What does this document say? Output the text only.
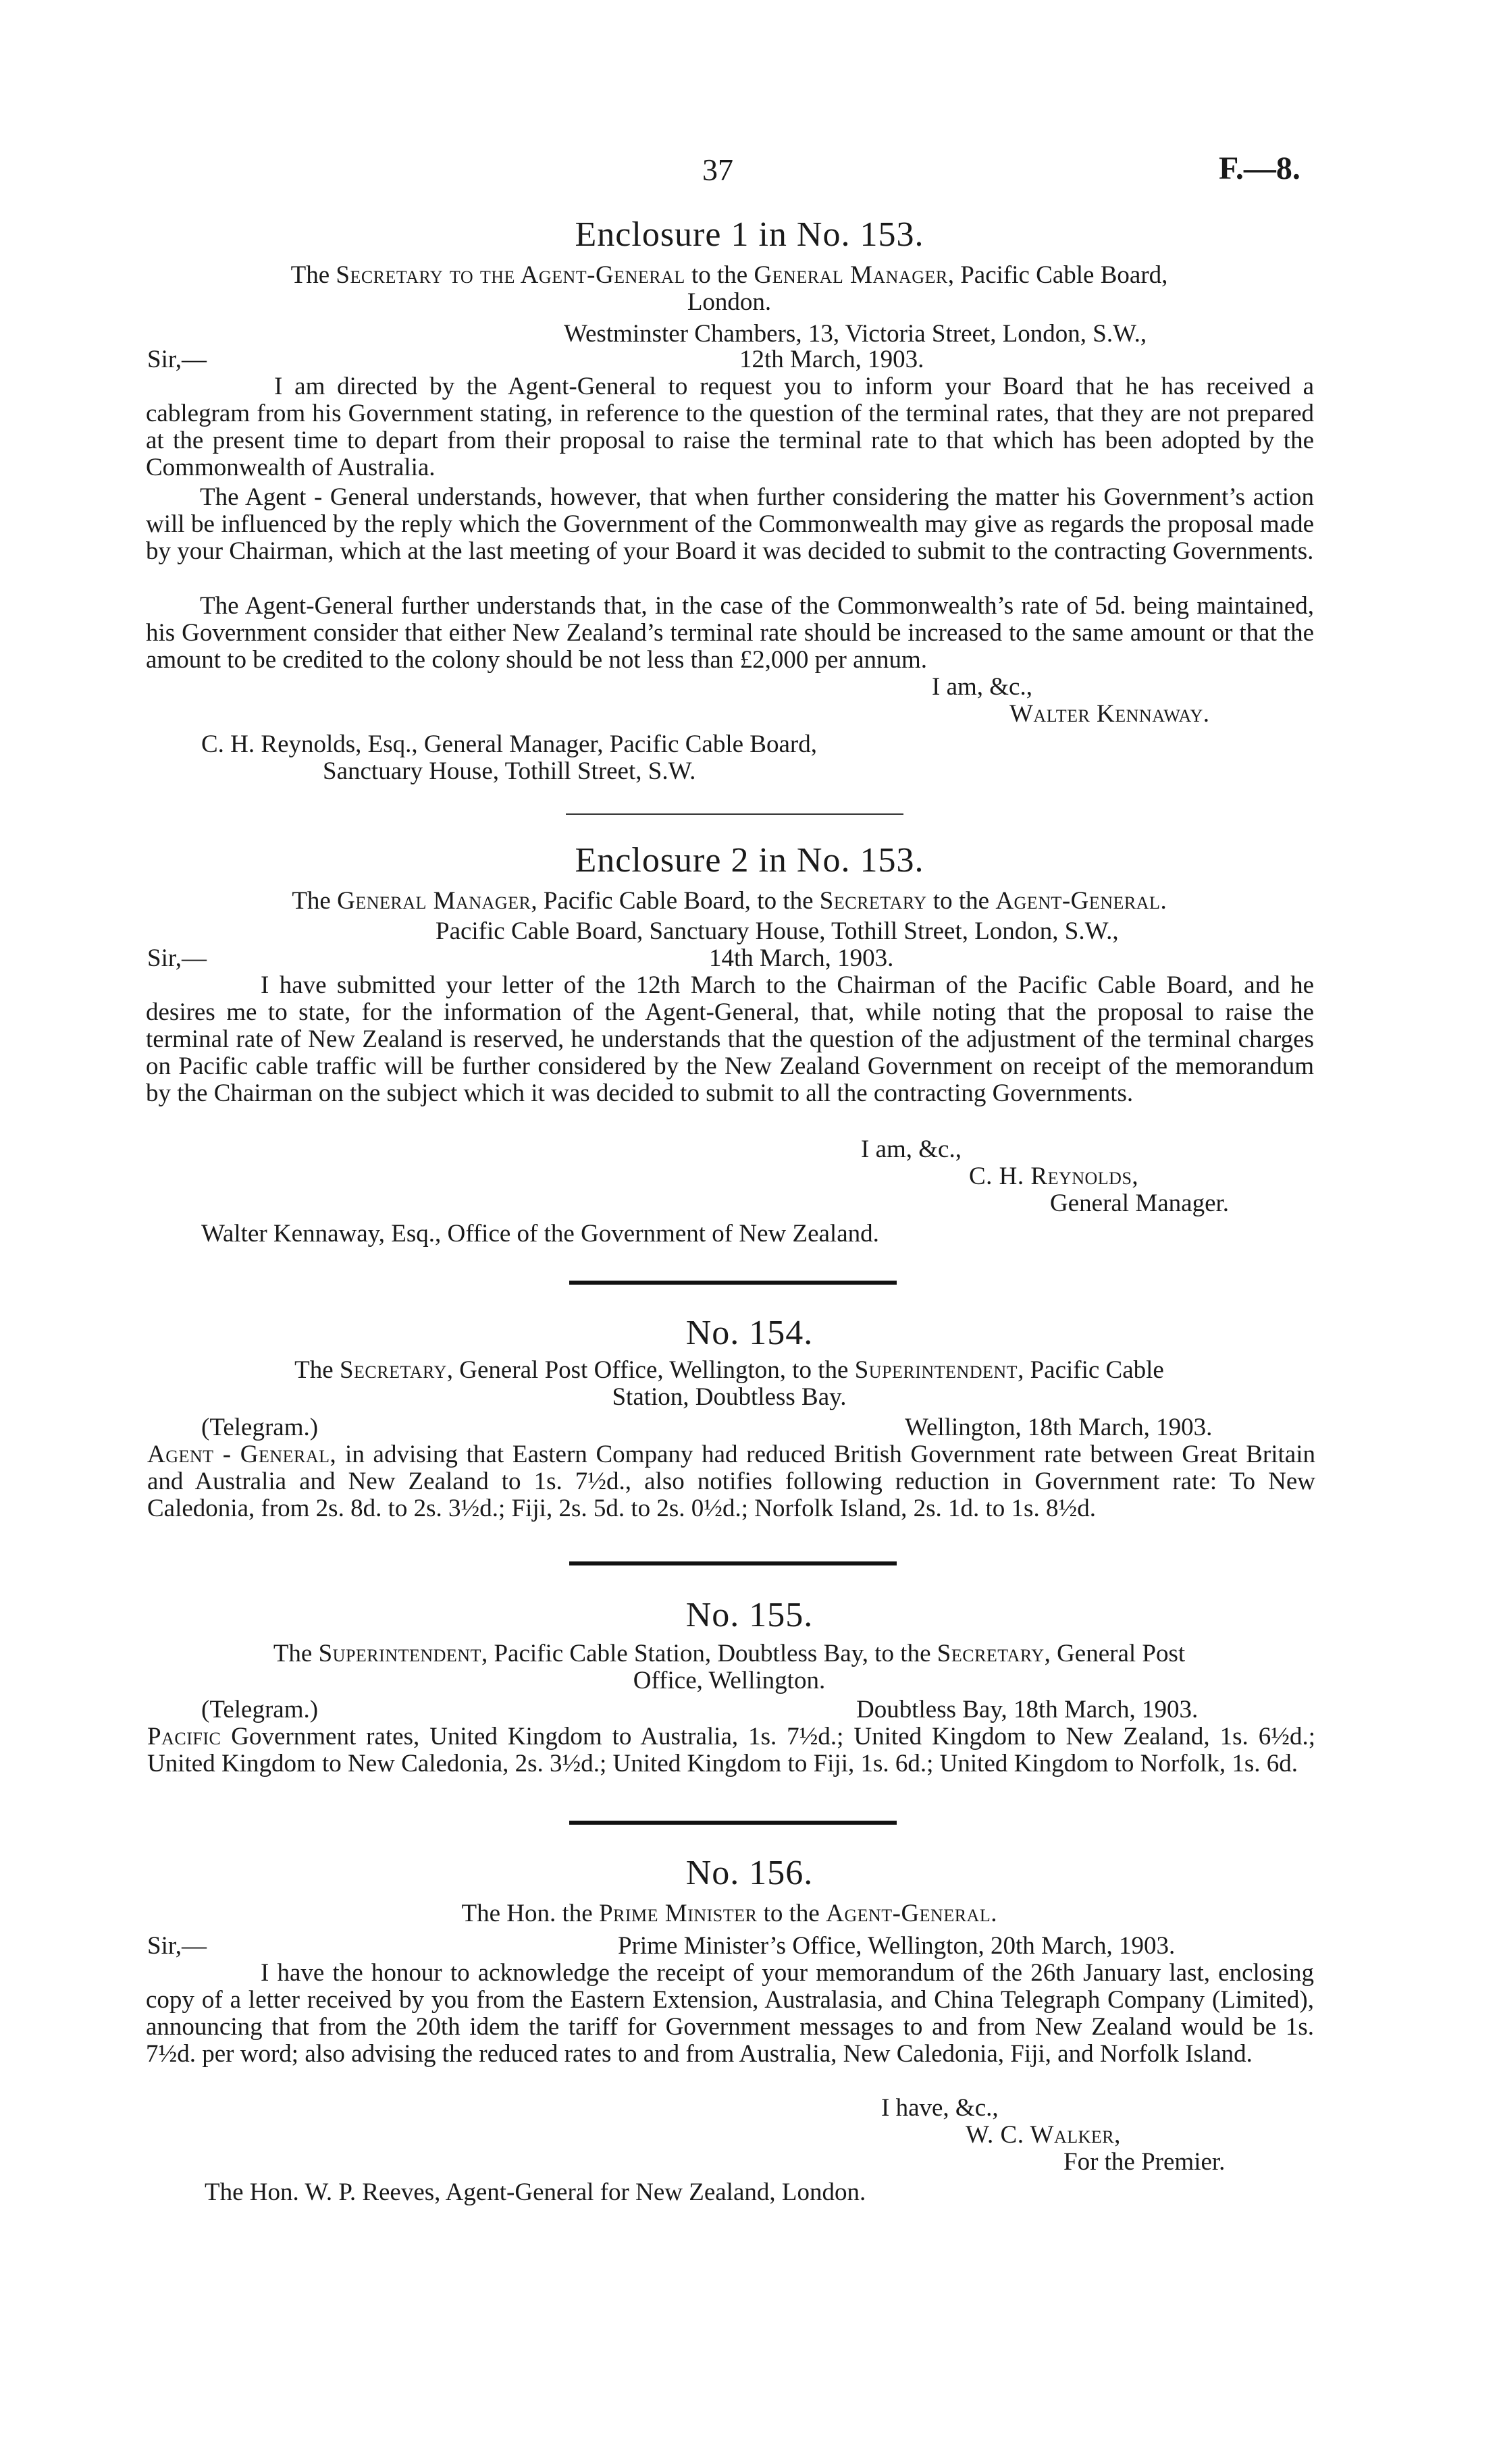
37	F.—8.
Enclosure 1 in No. 153.
The Secretary to the Agent-General to the General Manager, Pacific Cable Board,
London.
Westminster Chambers, 13, Victoria Street, London, S.W.,
Sir,—	12th March, 1903.
I am directed by the Agent-General to request you to inform your Board that he has received a cablegram from his Government stating, in reference to the question of the terminal rates, that they are not prepared at the present time to depart from their proposal to raise the terminal rate to that which has been adopted by the Commonwealth of Australia.
The Agent - General understands, however, that when further considering the matter his Government’s action will be influenced by the reply which the Government of the Commonwealth may give as regards the proposal made by your Chairman, which at the last meeting of your Board it was decided to submit to the contracting Governments.
The Agent-General further understands that, in the case of the Commonwealth’s rate of 5d. being maintained, his Government consider that either New Zealand’s terminal rate should be increased to the same amount or that the amount to be credited to the colony should be not less than £2,000 per annum.
I am, &c.,
Walter Kennaway.
C. H. Reynolds, Esq., General Manager, Pacific Cable Board,
Sanctuary House, Tothill Street, S.W.
Enclosure 2 in No. 153.
The General Manager, Pacific Cable Board, to the Secretary to the Agent-General.
Pacific Cable Board, Sanctuary House, Tothill Street, London, S.W.,
Sir,—	14th March, 1903.
I have submitted your letter of the 12th March to the Chairman of the Pacific Cable Board, and he desires me to state, for the information of the Agent-General, that, while noting that the proposal to raise the terminal rate of New Zealand is reserved, he understands that the question of the adjustment of the terminal charges on Pacific cable traffic will be further considered by the New Zealand Government on receipt of the memorandum by the Chairman on the subject which it was decided to submit to all the contracting Governments.
I am, &c.,
C. H. Reynolds,
General Manager.
Walter Kennaway, Esq., Office of the Government of New Zealand.
No. 154.
The Secretary, General Post Office, Wellington, to the Superintendent, Pacific Cable
Station, Doubtless Bay.
(Telegram.)	Wellington, 18th March, 1903.
Agent - General, in advising that Eastern Company had reduced British Government rate between Great Britain and Australia and New Zealand to 1s. 7½d., also notifies following reduction in Government rate: To New Caledonia, from 2s. 8d. to 2s. 3½d.; Fiji, 2s. 5d. to 2s. 0½d.; Norfolk Island, 2s. 1d. to 1s. 8½d.
No. 155.
The Superintendent, Pacific Cable Station, Doubtless Bay, to the Secretary, General Post
Office, Wellington.
(Telegram.)	Doubtless Bay, 18th March, 1903.
Pacific Government rates, United Kingdom to Australia, 1s. 7½d.; United Kingdom to New Zealand, 1s. 6½d.; United Kingdom to New Caledonia, 2s. 3½d.; United Kingdom to Fiji, 1s. 6d.; United Kingdom to Norfolk, 1s. 6d.
No. 156.
The Hon. the Prime Minister to the Agent-General.
Sir,—	Prime Minister’s Office, Wellington, 20th March, 1903.
I have the honour to acknowledge the receipt of your memorandum of the 26th January last, enclosing copy of a letter received by you from the Eastern Extension, Australasia, and China Telegraph Company (Limited), announcing that from the 20th idem the tariff for Government messages to and from New Zealand would be 1s. 7½d. per word; also advising the reduced rates to and from Australia, New Caledonia, Fiji, and Norfolk Island.
I have, &c.,
W. C. Walker,
For the Premier.
The Hon. W. P. Reeves, Agent-General for New Zealand, London.
